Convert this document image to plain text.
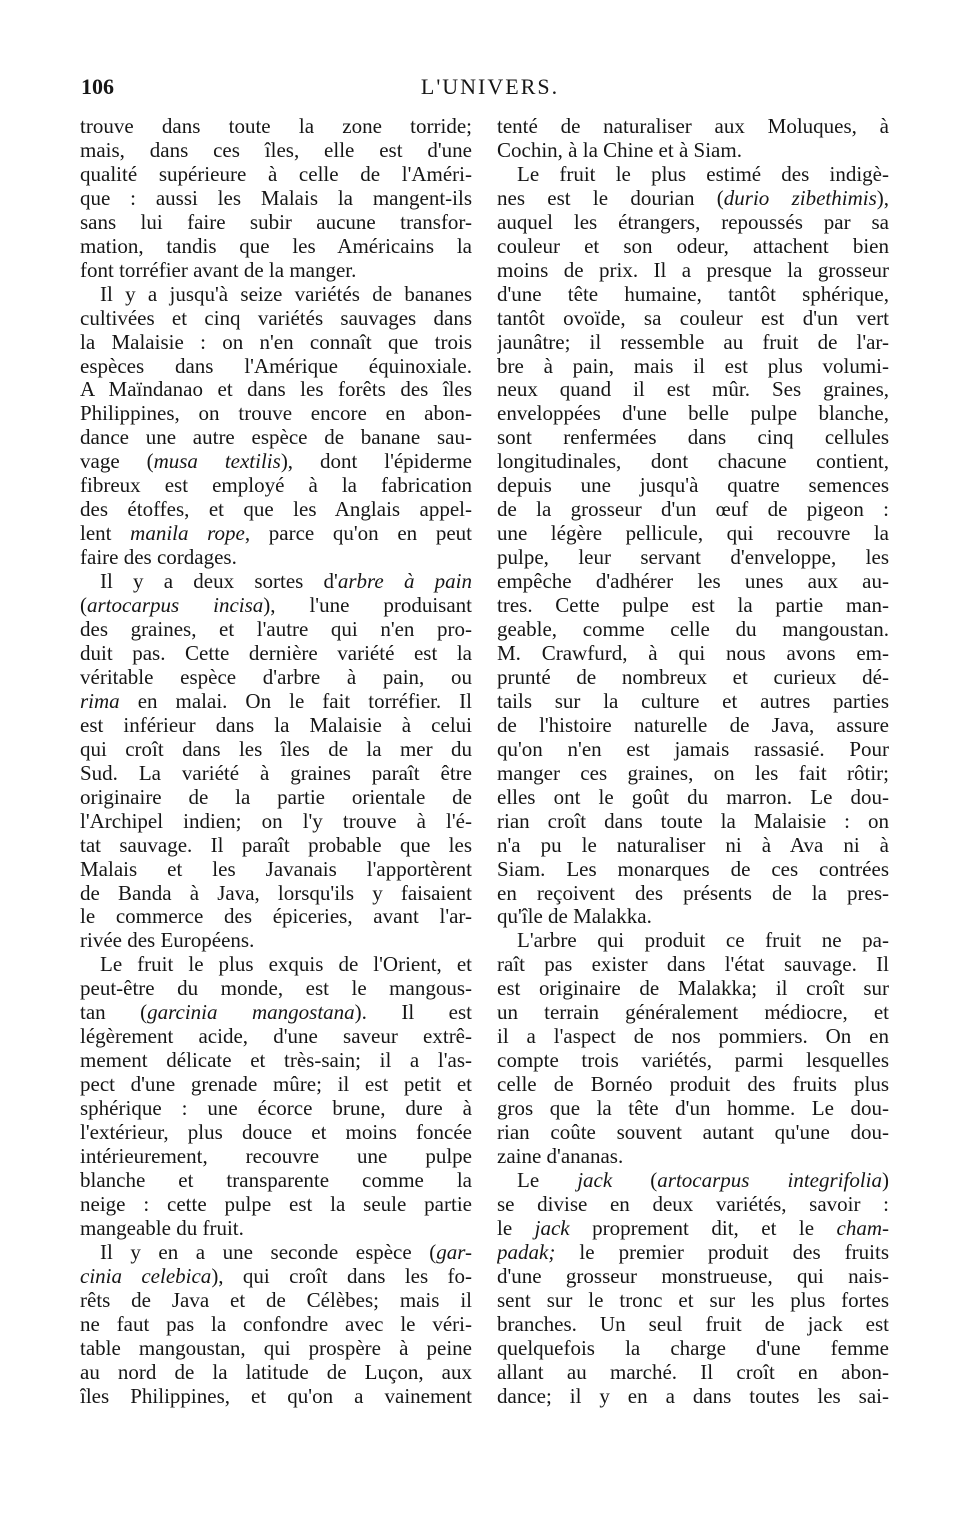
106	L'UNIVERS.
trouve dans toute la zone torride;
mais, dans ces îles, elle est d'une
qualité supérieure à celle de l'Améri-
que : aussi les Malais la mangent-ils
sans lui faire subir aucune transfor-
mation, tandis que les Américains la
font torréfier avant de la manger.
Il y a jusqu'à seize variétés de bananes
cultivées et cinq variétés sauvages dans
la Malaisie : on n'en connaît que trois
espèces dans l'Amérique équinoxiale.
A Maïndanao et dans les forêts des îles
Philippines, on trouve encore en abon-
dance une autre espèce de banane sau-
vage (musa textilis), dont l'épiderme
fibreux est employé à la fabrication
des étoffes, et que les Anglais appel-
lent manila rope, parce qu'on en peut
faire des cordages.
Il y a deux sortes d'arbre à pain
(artocarpus incisa), l'une produisant
des graines, et l'autre qui n'en pro-
duit pas. Cette dernière variété est la
véritable espèce d'arbre à pain, ou
rima en malai. On le fait torréfier. Il
est inférieur dans la Malaisie à celui
qui croît dans les îles de la mer du
Sud. La variété à graines paraît être
originaire de la partie orientale de
l'Archipel indien; on l'y trouve à l'é-
tat sauvage. Il paraît probable que les
Malais et les Javanais l'apportèrent
de Banda à Java, lorsqu'ils y faisaient
le commerce des épiceries, avant l'ar-
rivée des Européens.
Le fruit le plus exquis de l'Orient, et
peut-être du monde, est le mangous-
tan (garcinia mangostana). Il est
légèrement acide, d'une saveur extrê-
mement délicate et très-sain; il a l'as-
pect d'une grenade mûre; il est petit et
sphérique : une écorce brune, dure à
l'extérieur, plus douce et moins foncée
intérieurement, recouvre une pulpe
blanche et transparente comme la
neige : cette pulpe est la seule partie
mangeable du fruit.
Il y en a une seconde espèce (gar-
cinia celebica), qui croît dans les fo-
rêts de Java et de Célèbes; mais il
ne faut pas la confondre avec le véri-
table mangoustan, qui prospère à peine
au nord de la latitude de Luçon, aux
îles Philippines, et qu'on a vainement
tenté de naturaliser aux Moluques, à
Cochin, à la Chine et à Siam.
Le fruit le plus estimé des indigè-
nes est le dourian (durio zibethimis),
auquel les étrangers, repoussés par sa
couleur et son odeur, attachent bien
moins de prix. Il a presque la grosseur
d'une tête humaine, tantôt sphérique,
tantôt ovoïde, sa couleur est d'un vert
jaunâtre; il ressemble au fruit de l'ar-
bre à pain, mais il est plus volumi-
neux quand il est mûr. Ses graines,
enveloppées d'une belle pulpe blanche,
sont renfermées dans cinq cellules
longitudinales, dont chacune contient,
depuis une jusqu'à quatre semences
de la grosseur d'un œuf de pigeon :
une légère pellicule, qui recouvre la
pulpe, leur servant d'enveloppe, les
empêche d'adhérer les unes aux au-
tres. Cette pulpe est la partie man-
geable, comme celle du mangoustan.
M. Crawfurd, à qui nous avons em-
prunté de nombreux et curieux dé-
tails sur la culture et autres parties
de l'histoire naturelle de Java, assure
qu'on n'en est jamais rassasié. Pour
manger ces graines, on les fait rôtir;
elles ont le goût du marron. Le dou-
rian croît dans toute la Malaisie : on
n'a pu le naturaliser ni à Ava ni à
Siam. Les monarques de ces contrées
en reçoivent des présents de la pres-
qu'île de Malakka.
L'arbre qui produit ce fruit ne pa-
raît pas exister dans l'état sauvage. Il
est originaire de Malakka; il croît sur
un terrain généralement médiocre, et
il a l'aspect de nos pommiers. On en
compte trois variétés, parmi lesquelles
celle de Bornéo produit des fruits plus
gros que la tête d'un homme. Le dou-
rian coûte souvent autant qu'une dou-
zaine d'ananas.
Le jack (artocarpus integrifolia)
se divise en deux variétés, savoir :
le jack proprement dit, et le cham-
padak; le premier produit des fruits
d'une grosseur monstrueuse, qui nais-
sent sur le tronc et sur les plus fortes
branches. Un seul fruit de jack est
quelquefois la charge d'une femme
allant au marché. Il croît en abon-
dance; il y en a dans toutes les sai-
